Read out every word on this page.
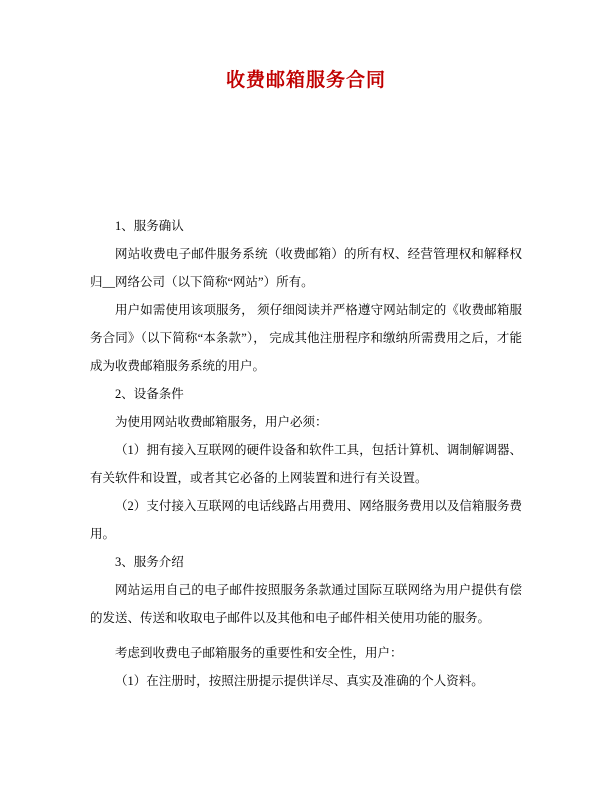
收费邮箱服务合同

1、服务确认

网站收费电子邮件服务系统（收费邮箱）的所有权、经营管理权和解释权归__网络公司（以下简称“网站”）所有。

用户如需使用该项服务， 须仔细阅读并严格遵守网站制定的《收费邮箱服务合同》（以下简称“本条款”）， 完成其他注册程序和缴纳所需费用之后，才能成为收费邮箱服务系统的用户。

2、设备条件

为使用网站收费邮箱服务，用户必须：

（1）拥有接入互联网的硬件设备和软件工具，包括计算机、调制解调器、有关软件和设置，或者其它必备的上网装置和进行有关设置。

（2）支付接入互联网的电话线路占用费用、网络服务费用以及信箱服务费用。

3、服务介绍

网站运用自己的电子邮件按照服务条款通过国际互联网络为用户提供有偿的发送、传送和收取电子邮件以及其他和电子邮件相关使用功能的服务。

考虑到收费电子邮箱服务的重要性和安全性，用户：

（1）在注册时，按照注册提示提供详尽、真实及准确的个人资料。
